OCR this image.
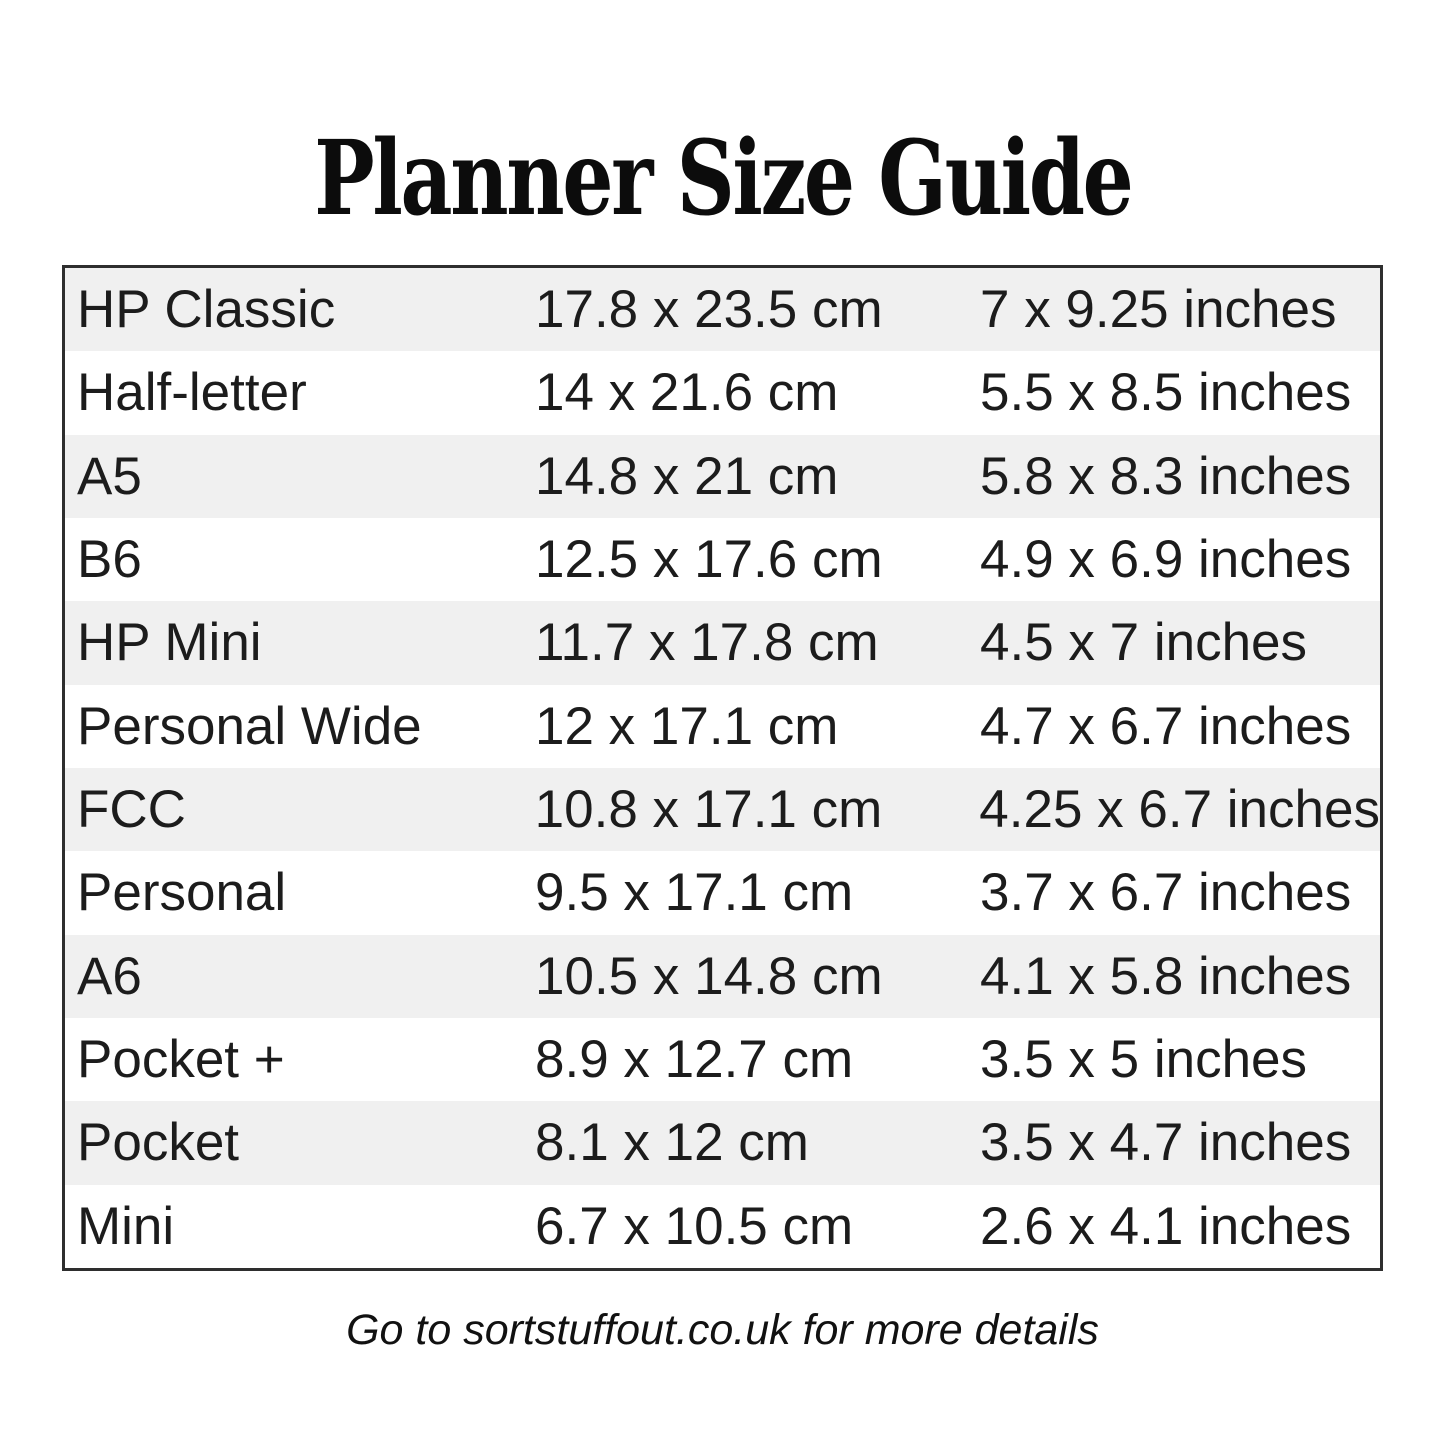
Planner Size Guide
HP Classic	17.8 x 23.5 cm	7 x 9.25 inches
Half-letter	14 x 21.6 cm	5.5 x 8.5 inches
A5	14.8 x 21 cm	5.8 x 8.3 inches
B6	12.5 x 17.6 cm	4.9 x 6.9 inches
HP Mini	11.7 x 17.8 cm	4.5 x 7 inches
Personal Wide	12 x 17.1 cm	4.7 x 6.7 inches
FCC	10.8 x 17.1 cm	4.25 x 6.7 inches
Personal	9.5 x 17.1 cm	3.7 x 6.7 inches
A6	10.5 x 14.8 cm	4.1 x 5.8 inches
Pocket +	8.9 x 12.7 cm	3.5 x 5 inches
Pocket	8.1 x 12 cm	3.5 x 4.7 inches
Mini	6.7 x 10.5 cm	2.6 x 4.1 inches
Go to sortstuffout.co.uk for more details
